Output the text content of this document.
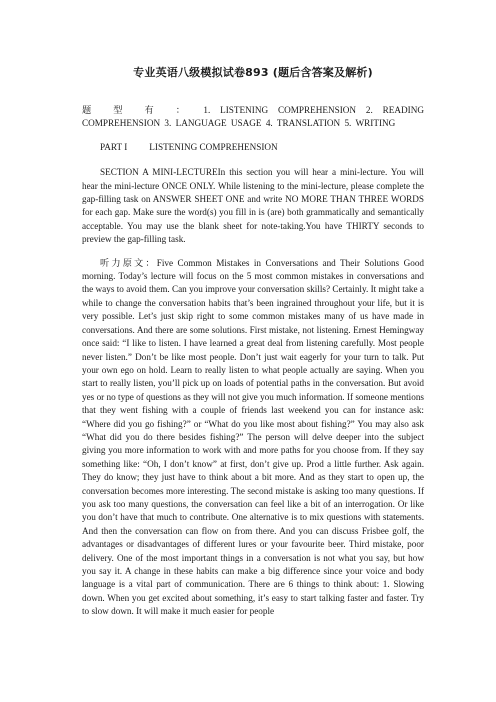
专业英语八级模拟试卷893 (题后含答案及解析)

题 型 有 ： 1. LISTENING COMPREHENSION 2. READING COMPREHENSION 3. LANGUAGE USAGE 4. TRANSLATION 5. WRITING

PART I LISTENING COMPREHENSION

SECTION A MINI-LECTUREIn this section you will hear a mini-lecture. You will hear the mini-lecture ONCE ONLY. While listening to the mini-lecture, please complete the gap-filling task on ANSWER SHEET ONE and write NO MORE THAN THREE WORDS for each gap. Make sure the word(s) you fill in is (are) both grammatically and semantically acceptable. You may use the blank sheet for note-taking.You have THIRTY seconds to preview the gap-filling task.

听力原文：Five Common Mistakes in Conversations and Their Solutions Good morning. Today’s lecture will focus on the 5 most common mistakes in conversations and the ways to avoid them. Can you improve your conversation skills? Certainly. It might take a while to change the conversation habits that’s been ingrained throughout your life, but it is very possible. Let’s just skip right to some common mistakes many of us have made in conversations. And there are some solutions. First mistake, not listening. Ernest Hemingway once said: “I like to listen. I have learned a great deal from listening carefully. Most people never listen.” Don’t be like most people. Don’t just wait eagerly for your turn to talk. Put your own ego on hold. Learn to really listen to what people actually are saying. When you start to really listen, you’ll pick up on loads of potential paths in the conversation. But avoid yes or no type of questions as they will not give you much information. If someone mentions that they went fishing with a couple of friends last weekend you can for instance ask: “Where did you go fishing?” or “What do you like most about fishing?” You may also ask “What did you do there besides fishing?” The person will delve deeper into the subject giving you more information to work with and more paths for you choose from. If they say something like: “Oh, I don’t know” at first, don’t give up. Prod a little further. Ask again. They do know; they just have to think about a bit more. And as they start to open up, the conversation becomes more interesting. The second mistake is asking too many questions. If you ask too many questions, the conversation can feel like a bit of an interrogation. Or like you don’t have that much to contribute. One alternative is to mix questions with statements. And then the conversation can flow on from there. And you can discuss Frisbee golf, the advantages or disadvantages of different lures or your favourite beer. Third mistake, poor delivery. One of the most important things in a conversation is not what you say, but how you say it. A change in these habits can make a big difference since your voice and body language is a vital part of communication. There are 6 things to think about: 1. Slowing down. When you get excited about something, it’s easy to start talking faster and faster. Try to slow down. It will make it much easier for people
